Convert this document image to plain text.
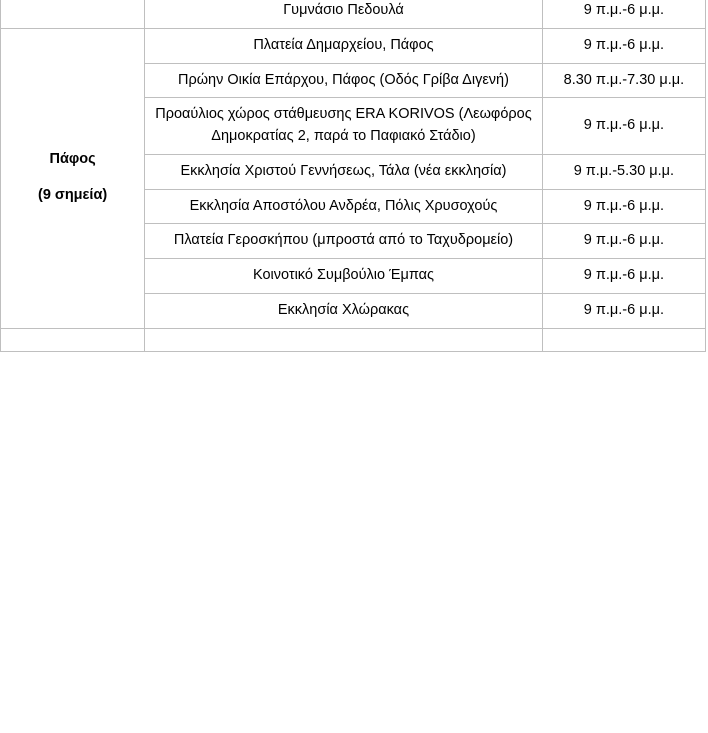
	Γυμνάσιο Πεδουλά	9 π.μ.-6 μ.μ.
Πάφος
(9 σημεία)	Πλατεία Δημαρχείου, Πάφος	9 π.μ.-6 μ.μ.
	Πρώην Οικία Επάρχου, Πάφος (Οδός Γρίβα Διγενή)	8.30 π.μ.-7.30 μ.μ.
	Προαύλιος χώρος στάθμευσης ERA KORIVOS (Λεωφόρος Δημοκρατίας 2, παρά το Παφιακό Στάδιο)	9 π.μ.-6 μ.μ.
	Εκκλησία Χριστού Γεννήσεως, Τάλα (νέα εκκλησία)	9 π.μ.-5.30 μ.μ.
	Εκκλησία Αποστόλου Ανδρέα, Πόλις Χρυσοχούς	9 π.μ.-6 μ.μ.
	Πλατεία Γεροσκήπου (μπροστά από το Ταχυδρομείο)	9 π.μ.-6 μ.μ.
	Κοινοτικό Συμβούλιο Έμπας	9 π.μ.-6 μ.μ.
	Εκκλησία Χλώρακας	9 π.μ.-6 μ.μ.
